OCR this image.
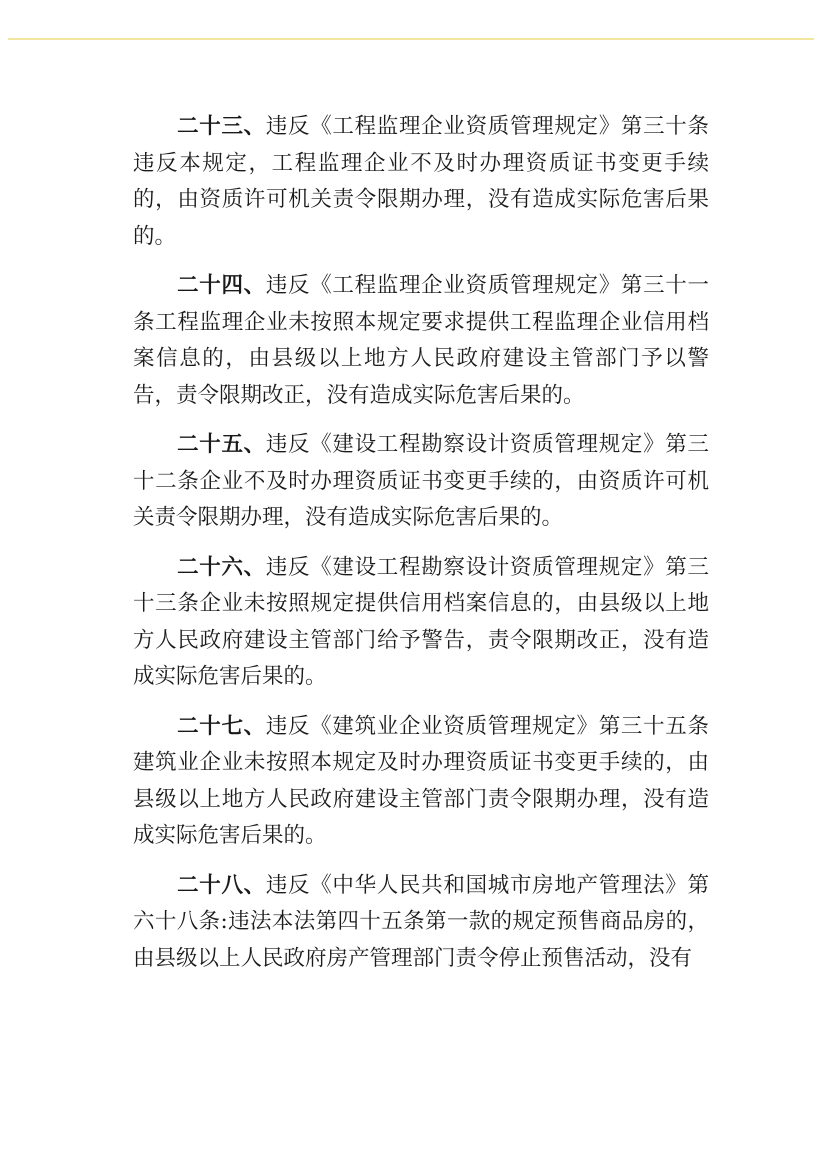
二十三、违反《工程监理企业资质管理规定》第三十条违反本规定，工程监理企业不及时办理资质证书变更手续的，由资质许可机关责令限期办理，没有造成实际危害后果的。

二十四、违反《工程监理企业资质管理规定》第三十一条工程监理企业未按照本规定要求提供工程监理企业信用档案信息的，由县级以上地方人民政府建设主管部门予以警告，责令限期改正，没有造成实际危害后果的。

二十五、违反《建设工程勘察设计资质管理规定》第三十二条企业不及时办理资质证书变更手续的，由资质许可机关责令限期办理，没有造成实际危害后果的。

二十六、违反《建设工程勘察设计资质管理规定》第三十三条企业未按照规定提供信用档案信息的，由县级以上地方人民政府建设主管部门给予警告，责令限期改正，没有造成实际危害后果的。

二十七、违反《建筑业企业资质管理规定》第三十五条建筑业企业未按照本规定及时办理资质证书变更手续的，由县级以上地方人民政府建设主管部门责令限期办理，没有造成实际危害后果的。

二十八、违反《中华人民共和国城市房地产管理法》第六十八条:违法本法第四十五条第一款的规定预售商品房的，由县级以上人民政府房产管理部门责令停止预售活动，没有
